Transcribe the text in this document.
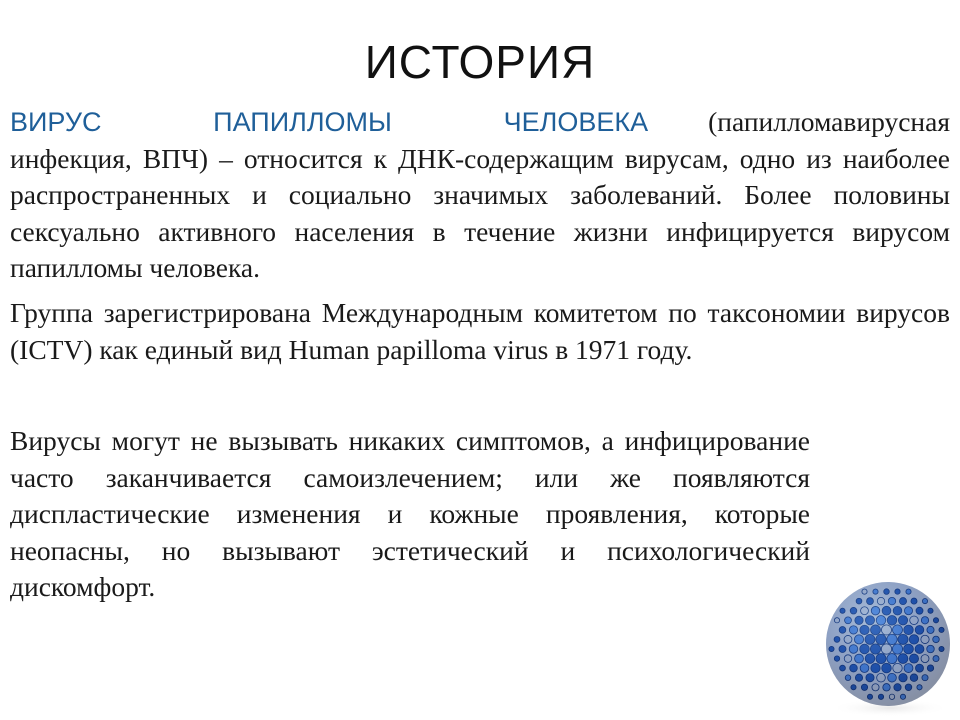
ИСТОРИЯ

ВИРУС ПАПИЛЛОМЫ ЧЕЛОВЕКА (папилломавирусная инфекция, ВПЧ) – относится к ДНК-содержащим вирусам, одно из наиболее распространенных и социально значимых заболеваний. Более половины сексуально активного населения в течение жизни инфицируется вирусом папилломы человека.

Группа зарегистрирована Международным комитетом по таксономии вирусов (ICTV) как единый вид Human papilloma virus в 1971 году.

Вирусы могут не вызывать никаких симптомов, а инфицирование часто заканчивается самоизлечением; или же появляются диспластические изменения и кожные проявления, которые неопасны, но вызывают эстетический и психологический дискомфорт.
